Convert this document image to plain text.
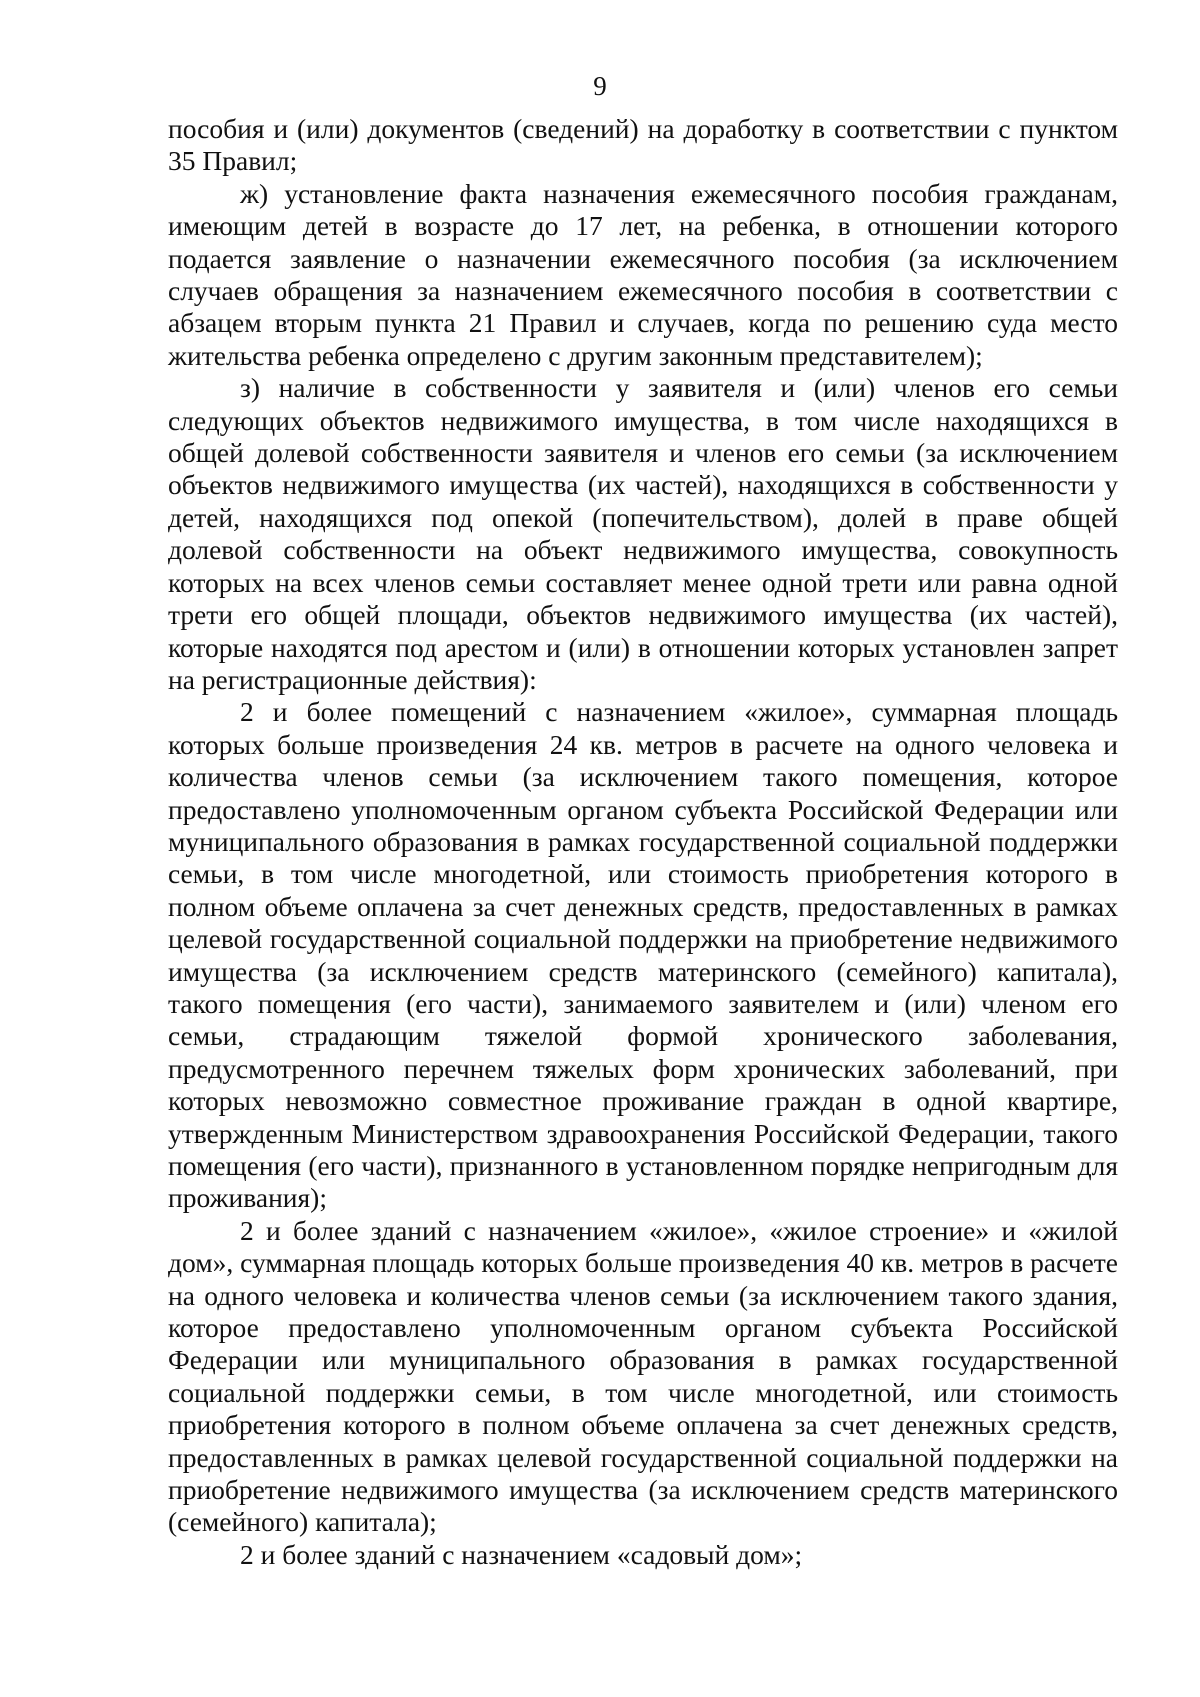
9

пособия и (или) документов (сведений) на доработку в соответствии с пунктом 35 Правил;

ж) установление факта назначения ежемесячного пособия гражданам, имеющим детей в возрасте до 17 лет, на ребенка, в отношении которого подается заявление о назначении ежемесячного пособия (за исключением случаев обращения за назначением ежемесячного пособия в соответствии с абзацем вторым пункта 21 Правил и случаев, когда по решению суда место жительства ребенка определено с другим законным представителем);

з) наличие в собственности у заявителя и (или) членов его семьи следующих объектов недвижимого имущества, в том числе находящихся в общей долевой собственности заявителя и членов его семьи (за исключением объектов недвижимого имущества (их частей), находящихся в собственности у детей, находящихся под опекой (попечительством), долей в праве общей долевой собственности на объект недвижимого имущества, совокупность которых на всех членов семьи составляет менее одной трети или равна одной трети его общей площади, объектов недвижимого имущества (их частей), которые находятся под арестом и (или) в отношении которых установлен запрет на регистрационные действия):

2 и более помещений с назначением «жилое», суммарная площадь которых больше произведения 24 кв. метров в расчете на одного человека и количества членов семьи (за исключением такого помещения, которое предоставлено уполномоченным органом субъекта Российской Федерации или муниципального образования в рамках государственной социальной поддержки семьи, в том числе многодетной, или стоимость приобретения которого в полном объеме оплачена за счет денежных средств, предоставленных в рамках целевой государственной социальной поддержки на приобретение недвижимого имущества (за исключением средств материнского (семейного) капитала), такого помещения (его части), занимаемого заявителем и (или) членом его семьи, страдающим тяжелой формой хронического заболевания, предусмотренного перечнем тяжелых форм хронических заболеваний, при которых невозможно совместное проживание граждан в одной квартире, утвержденным Министерством здравоохранения Российской Федерации, такого помещения (его части), признанного в установленном порядке непригодным для проживания);

2 и более зданий с назначением «жилое», «жилое строение» и «жилой дом», суммарная площадь которых больше произведения 40 кв. метров в расчете на одного человека и количества членов семьи (за исключением такого здания, которое предоставлено уполномоченным органом субъекта Российской Федерации или муниципального образования в рамках государственной социальной поддержки семьи, в том числе многодетной, или стоимость приобретения которого в полном объеме оплачена за счет денежных средств, предоставленных в рамках целевой государственной социальной поддержки на приобретение недвижимого имущества (за исключением средств материнского (семейного) капитала);

2 и более зданий с назначением «садовый дом»;
